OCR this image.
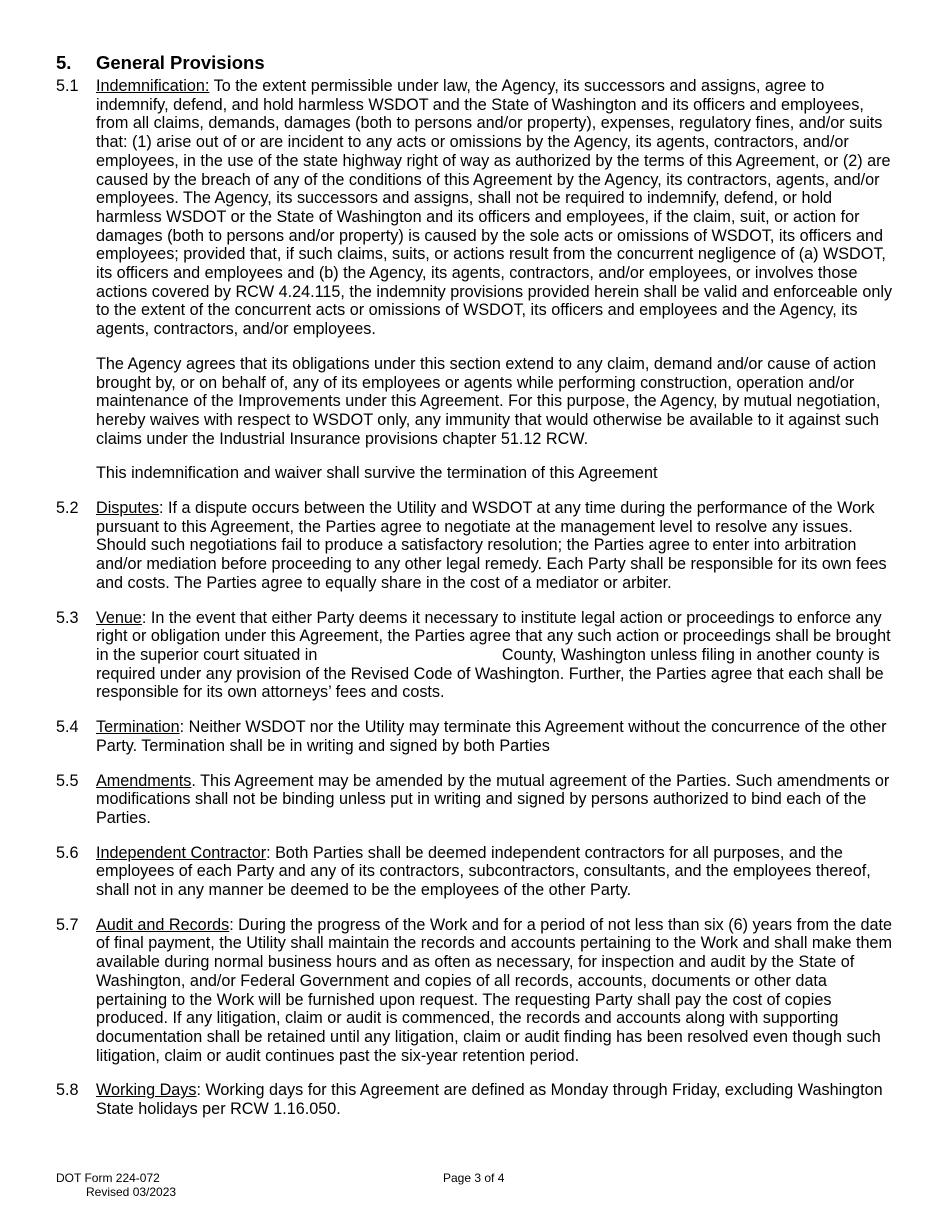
5.	General Provisions
5.1	Indemnification: To the extent permissible under law, the Agency, its successors and assigns, agree to indemnify, defend, and hold harmless WSDOT and the State of Washington and its officers and employees, from all claims, demands, damages (both to persons and/or property), expenses, regulatory fines, and/or suits that: (1) arise out of or are incident to any acts or omissions by the Agency, its agents, contractors, and/or employees, in the use of the state highway right of way as authorized by the terms of this Agreement, or (2) are caused by the breach of any of the conditions of this Agreement by the Agency, its contractors, agents, and/or employees. The Agency, its successors and assigns, shall not be required to indemnify, defend, or hold harmless WSDOT or the State of Washington and its officers and employees, if the claim, suit, or action for damages (both to persons and/or property) is caused by the sole acts or omissions of WSDOT, its officers and employees; provided that, if such claims, suits, or actions result from the concurrent negligence of (a) WSDOT, its officers and employees and (b) the Agency, its agents, contractors, and/or employees, or involves those actions covered by RCW 4.24.115, the indemnity provisions provided herein shall be valid and enforceable only to the extent of the concurrent acts or omissions of WSDOT, its officers and employees and the Agency, its agents, contractors, and/or employees.

The Agency agrees that its obligations under this section extend to any claim, demand and/or cause of action brought by, or on behalf of, any of its employees or agents while performing construction, operation and/or maintenance of the Improvements under this Agreement. For this purpose, the Agency, by mutual negotiation, hereby waives with respect to WSDOT only, any immunity that would otherwise be available to it against such claims under the Industrial Insurance provisions chapter 51.12 RCW.

This indemnification and waiver shall survive the termination of this Agreement

5.2	Disputes: If a dispute occurs between the Utility and WSDOT at any time during the performance of the Work pursuant to this Agreement, the Parties agree to negotiate at the management level to resolve any issues. Should such negotiations fail to produce a satisfactory resolution; the Parties agree to enter into arbitration and/or mediation before proceeding to any other legal remedy. Each Party shall be responsible for its own fees and costs. The Parties agree to equally share in the cost of a mediator or arbiter.

5.3	Venue: In the event that either Party deems it necessary to institute legal action or proceedings to enforce any right or obligation under this Agreement, the Parties agree that any such action or proceedings shall be brought in the superior court situated in	County, Washington unless filing in another county is required under any provision of the Revised Code of Washington. Further, the Parties agree that each shall be responsible for its own attorneys’ fees and costs.

5.4	Termination: Neither WSDOT nor the Utility may terminate this Agreement without the concurrence of the other Party. Termination shall be in writing and signed by both Parties

5.5	Amendments. This Agreement may be amended by the mutual agreement of the Parties. Such amendments or modifications shall not be binding unless put in writing and signed by persons authorized to bind each of the Parties.

5.6	Independent Contractor: Both Parties shall be deemed independent contractors for all purposes, and the employees of each Party and any of its contractors, subcontractors, consultants, and the employees thereof, shall not in any manner be deemed to be the employees of the other Party.

5.7	Audit and Records: During the progress of the Work and for a period of not less than six (6) years from the date of final payment, the Utility shall maintain the records and accounts pertaining to the Work and shall make them available during normal business hours and as often as necessary, for inspection and audit by the State of Washington, and/or Federal Government and copies of all records, accounts, documents or other data pertaining to the Work will be furnished upon request. The requesting Party shall pay the cost of copies produced. If any litigation, claim or audit is commenced, the records and accounts along with supporting documentation shall be retained until any litigation, claim or audit finding has been resolved even though such litigation, claim or audit continues past the six-year retention period.

5.8	Working Days: Working days for this Agreement are defined as Monday through Friday, excluding Washington State holidays per RCW 1.16.050.

DOT Form 224-072
Revised 03/2023
Page 3 of 4
